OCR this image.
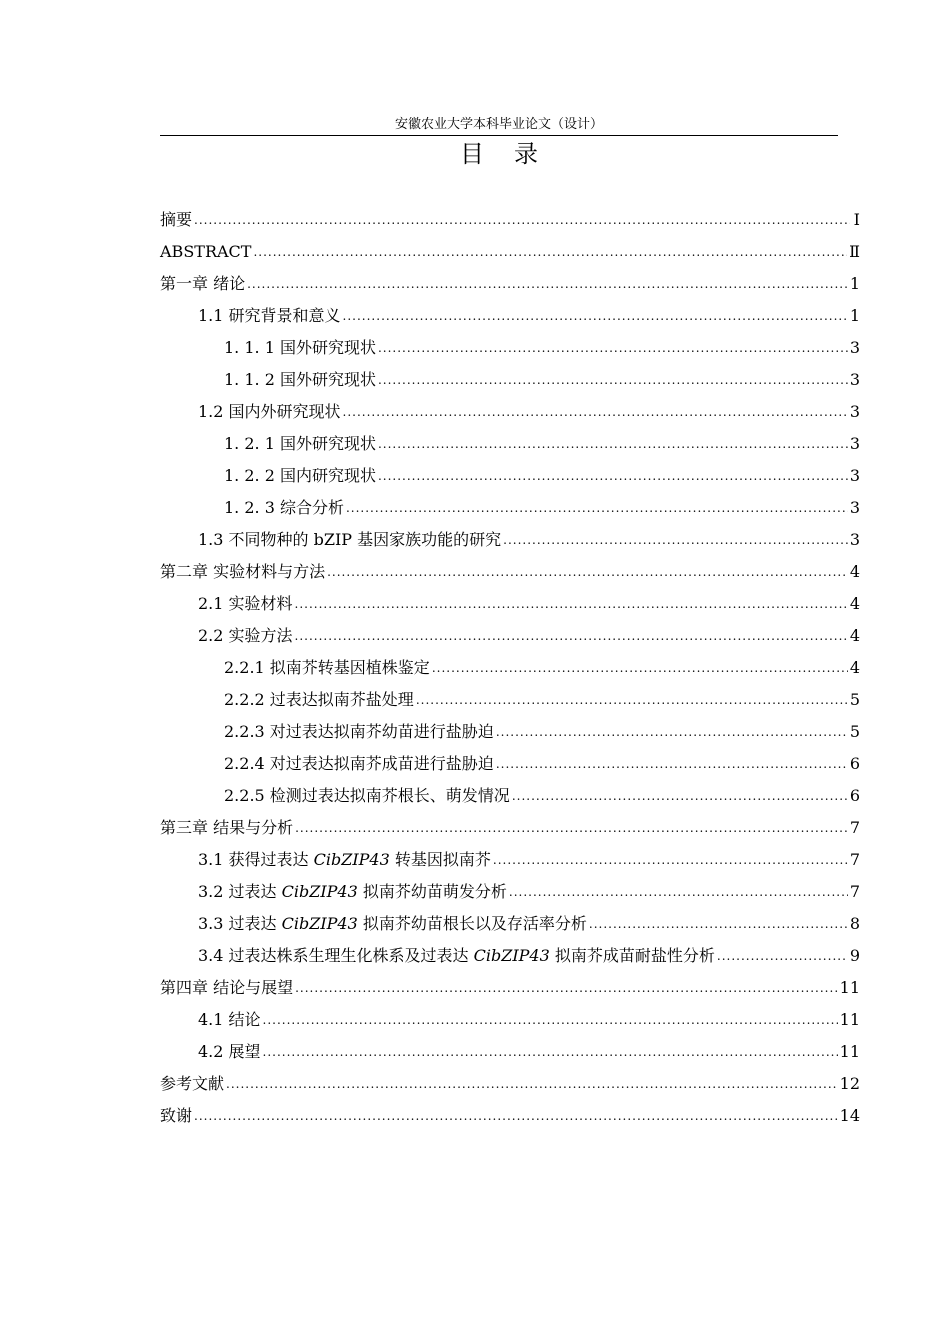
安徽农业大学本科毕业论文（设计）
目录
摘要 .....	Ⅰ
ABSTRACT .....	Ⅱ
第一章 绪论 .....	1
1.1 研究背景和意义 .....	1
1. 1. 1 国外研究现状 .....	3
1. 1. 2 国外研究现状 .....	3
1.2 国内外研究现状 .....	3
1. 2. 1 国外研究现状 .....	3
1. 2. 2 国内研究现状 .....	3
1. 2. 3 综合分析 .....	3
1.3 不同物种的 bZIP 基因家族功能的研究 .....	3
第二章 实验材料与方法 .....	4
2.1 实验材料 .....	4
2.2 实验方法 .....	4
2.2.1 拟南芥转基因植株鉴定 .....	4
2.2.2 过表达拟南芥盐处理 .....	5
2.2.3 对过表达拟南芥幼苗进行盐胁迫 .....	5
2.2.4 对过表达拟南芥成苗进行盐胁迫 .....	6
2.2.5 检测过表达拟南芥根长、萌发情况 .....	6
第三章 结果与分析 .....	7
3.1 获得过表达 CibZIP43 转基因拟南芥 .....	7
3.2 过表达 CibZIP43 拟南芥幼苗萌发分析 .....	7
3.3 过表达 CibZIP43 拟南芥幼苗根长以及存活率分析 .....	8
3.4 过表达株系生理生化株系及过表达 CibZIP43 拟南芥成苗耐盐性分析 .....	9
第四章 结论与展望 .....	11
4.1 结论 .....	11
4.2 展望 .....	11
参考文献 .....	12
致谢 .....	14
